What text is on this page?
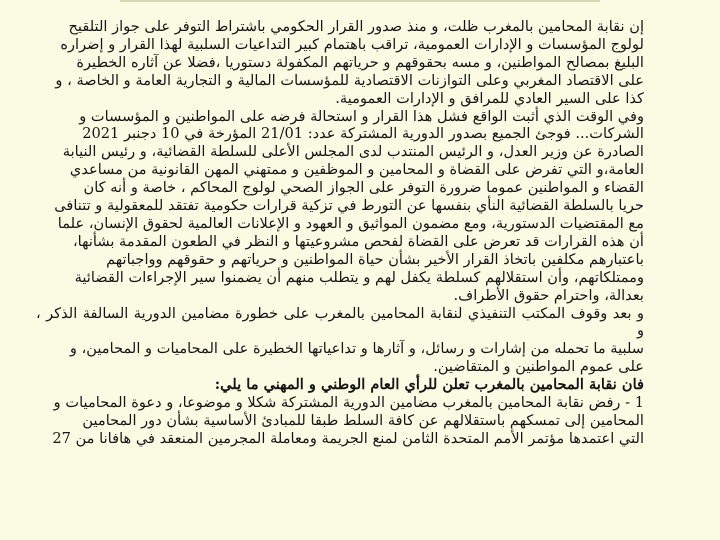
إن نقابة المحامين بالمغرب ظلت، و منذ صدور القرار الحكومي باشتراط التوفر على جواز التلقيح

لولوج المؤسسات و الإدارات العمومية، تراقب باهتمام كبير التداعيات السلبية لهذا القرار و إضراره

البليغ بمصالح المواطنين، و مسه بحقوقهم و حرياتهم المكفولة دستوريا ،فضلا عن آثاره الخطيرة

على الاقتصاد المغربي وعلى التوازنات الاقتصادية للمؤسسات المالية و التجارية العامة و الخاصة ، و

كذا على السير العادي للمرافق و الإدارات العمومية.

وفي الوقت الذي أثبت الواقع فشل هذا القرار و استحالة فرضه على المواطنين و المؤسسات و

الشركات... فوجئ الجميع بصدور الدورية المشتركة عدد: 21/01 المؤرخة في 10 دجنبر 2021

الصادرة عن وزير العدل، و الرئيس المنتدب لدى المجلس الأعلى للسلطة القضائية، و رئيس النيابة

العامة،و التي تفرض على القضاة و المحامين و الموظفين و ممتهني المهن القانونية من مساعدي

القضاء و المواطنين عموما ضرورة التوفر على الجواز الصحي لولوج المحاكم ، خاصة و أنه كان

حريا بالسلطة القضائية النأي بنفسها عن التورط في تزكية قرارات حكومية تفتقد للمعقولية و تتنافى

مع المقتضيات الدستورية، ومع مضمون المواثيق و العهود و الإعلانات العالمية لحقوق الإنسان، علما

أن هذه القرارات قد تعرض على القضاة لفحص مشروعيتها و النظر في الطعون المقدمة بشأنها،

باعتبارهم مكلفين باتخاذ القرار الأخير بشأن حياة المواطنين و حرياتهم و حقوقهم وواجباتهم

وممتلكاتهم، وأن استقلالهم كسلطة يكفل لهم و يتطلب منهم أن يضمنوا سير الإجراءات القضائية

بعدالة، واحترام حقوق الأطراف.

و بعد وقوف المكتب التنفيذي لنقابة المحامين بالمغرب على خطورة مضامين الدورية السالفة الذكر ، و

سلبية ما تحمله من إشارات و رسائل، و آثارها و تداعياتها الخطيرة على المحاميات و المحامين، و

على عموم المواطنين و المتقاضين.

فان نقابة المحامين بالمغرب تعلن للرأي العام الوطني و المهني ما يلي:

1 - رفض نقابة المحامين بالمغرب مضامين الدورية المشتركة شكلا و موضوعا، و دعوة المحاميات و

المحامين إلى تمسكهم باستقلالهم عن كافة السلط طبقا للمبادئ الأساسية بشأن دور المحامين

التي اعتمدها مؤتمر الأمم المتحدة الثامن لمنع الجريمة ومعاملة المجرمين المنعقد في هافانا من 27
